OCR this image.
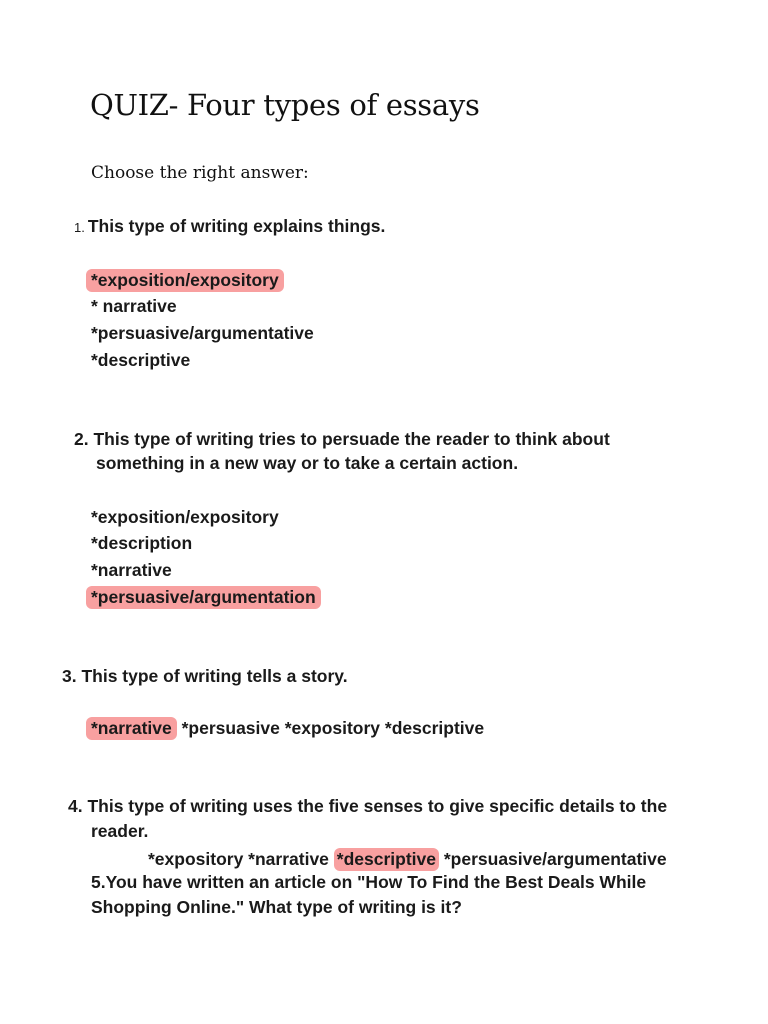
QUIZ- Four types of essays

Choose the right answer:

1. This type of writing explains things.
*exposition/expository
* narrative
*persuasive/argumentative
*descriptive
2. This type of writing tries to persuade the reader to think about
something in a new way or to take a certain action.
*exposition/expository
*description
*narrative
*persuasive/argumentation
3. This type of writing tells a story.
*narrative *persuasive *expository *descriptive
4. This type of writing uses the five senses to give specific details to the
reader.
*expository *narrative *descriptive *persuasive/argumentative
5.You have written an article on "How To Find the Best Deals While
Shopping Online." What type of writing is it?
